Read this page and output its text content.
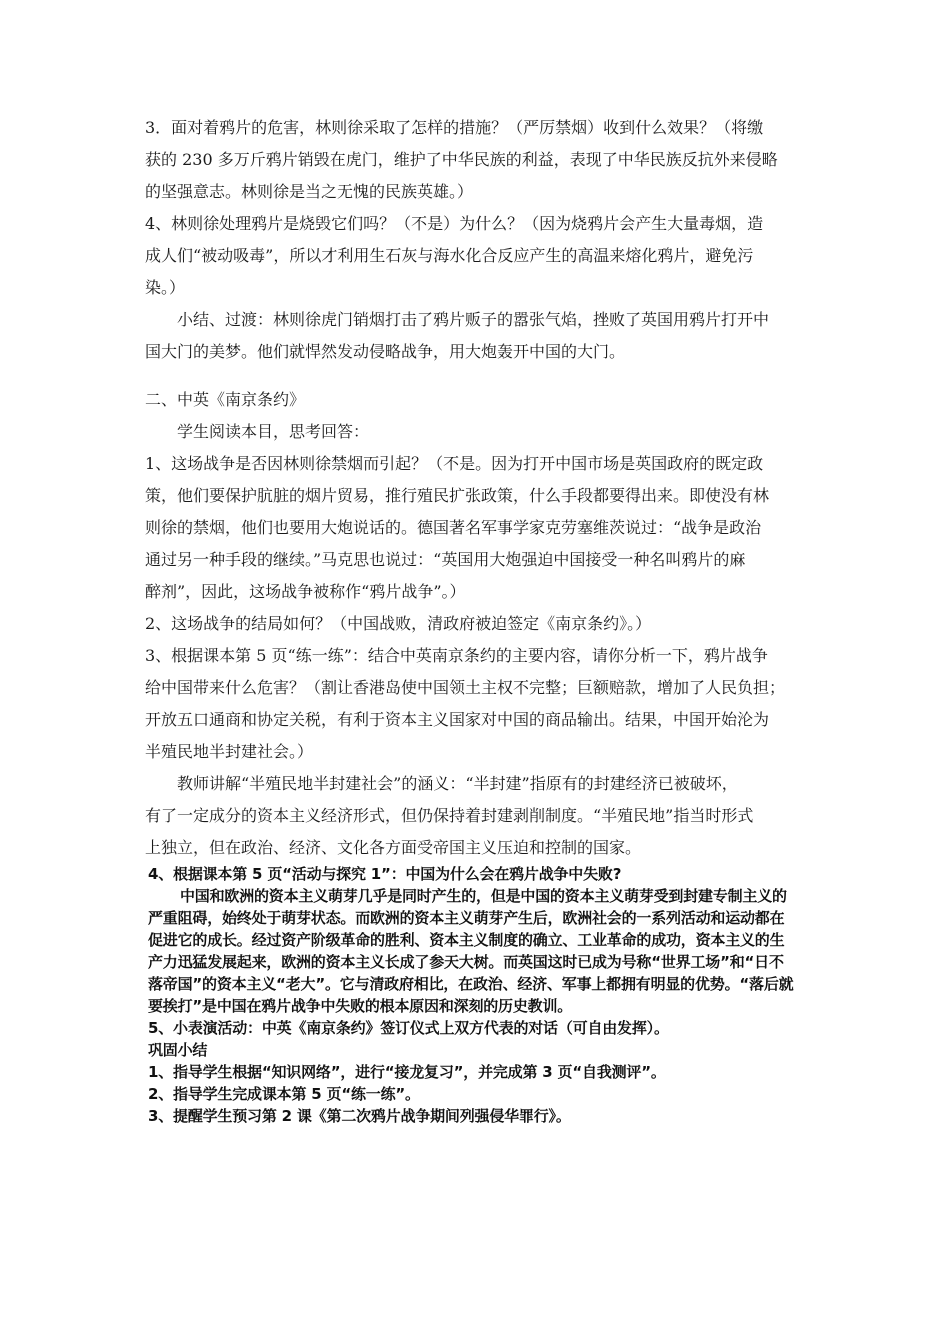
3．面对着鸦片的危害，林则徐采取了怎样的措施？（严厉禁烟）收到什么效果？（将缴
获的 230 多万斤鸦片销毁在虎门，维护了中华民族的利益，表现了中华民族反抗外来侵略
的坚强意志。林则徐是当之无愧的民族英雄。）
4、林则徐处理鸦片是烧毁它们吗？（不是）为什么？（因为烧鸦片会产生大量毒烟，造
成人们“被动吸毒”，所以才利用生石灰与海水化合反应产生的高温来熔化鸦片，避免污
染。）
小结、过渡：林则徐虎门销烟打击了鸦片贩子的嚣张气焰，挫败了英国用鸦片打开中
国大门的美梦。他们就悍然发动侵略战争，用大炮轰开中国的大门。
二、中英《南京条约》
学生阅读本目，思考回答：
1、这场战争是否因林则徐禁烟而引起？（不是。因为打开中国市场是英国政府的既定政
策，他们要保护肮脏的烟片贸易，推行殖民扩张政策，什么手段都要得出来。即使没有林
则徐的禁烟，他们也要用大炮说话的。德国著名军事学家克劳塞维茨说过：“战争是政治
通过另一种手段的继续。”马克思也说过：“英国用大炮强迫中国接受一种名叫鸦片的麻
醉剂”，因此，这场战争被称作“鸦片战争”。）
2、这场战争的结局如何？（中国战败，清政府被迫签定《南京条约》。）
3、根据课本第 5 页“练一练”：结合中英南京条约的主要内容，请你分析一下，鸦片战争
给中国带来什么危害？（割让香港岛使中国领土主权不完整；巨额赔款，增加了人民负担；
开放五口通商和协定关税，有利于资本主义国家对中国的商品输出。结果，中国开始沦为
半殖民地半封建社会。）
教师讲解“半殖民地半封建社会”的涵义：“半封建”指原有的封建经济已被破坏，
有了一定成分的资本主义经济形式，但仍保持着封建剥削制度。“半殖民地”指当时形式
上独立，但在政治、经济、文化各方面受帝国主义压迫和控制的国家。
4、根据课本第 5 页“活动与探究 1”：中国为什么会在鸦片战争中失败?
中国和欧洲的资本主义萌芽几乎是同时产生的，但是中国的资本主义萌芽受到封建专制主义的
严重阻碍，始终处于萌芽状态。而欧洲的资本主义萌芽产生后，欧洲社会的一系列活动和运动都在
促进它的成长。经过资产阶级革命的胜利、资本主义制度的确立、工业革命的成功，资本主义的生
产力迅猛发展起来，欧洲的资本主义长成了参天大树。而英国这时已成为号称“世界工场”和“日不
落帝国”的资本主义“老大”。它与清政府相比，在政治、经济、军事上都拥有明显的优势。“落后就
要挨打”是中国在鸦片战争中失败的根本原因和深刻的历史教训。
5、小表演活动：中英《南京条约》签订仪式上双方代表的对话（可自由发挥）。
巩固小结
1、指导学生根据“知识网络”，进行“接龙复习”，并完成第 3 页“自我测评”。
2、指导学生完成课本第 5 页“练一练”。
3、提醒学生预习第 2 课《第二次鸦片战争期间列强侵华罪行》。
